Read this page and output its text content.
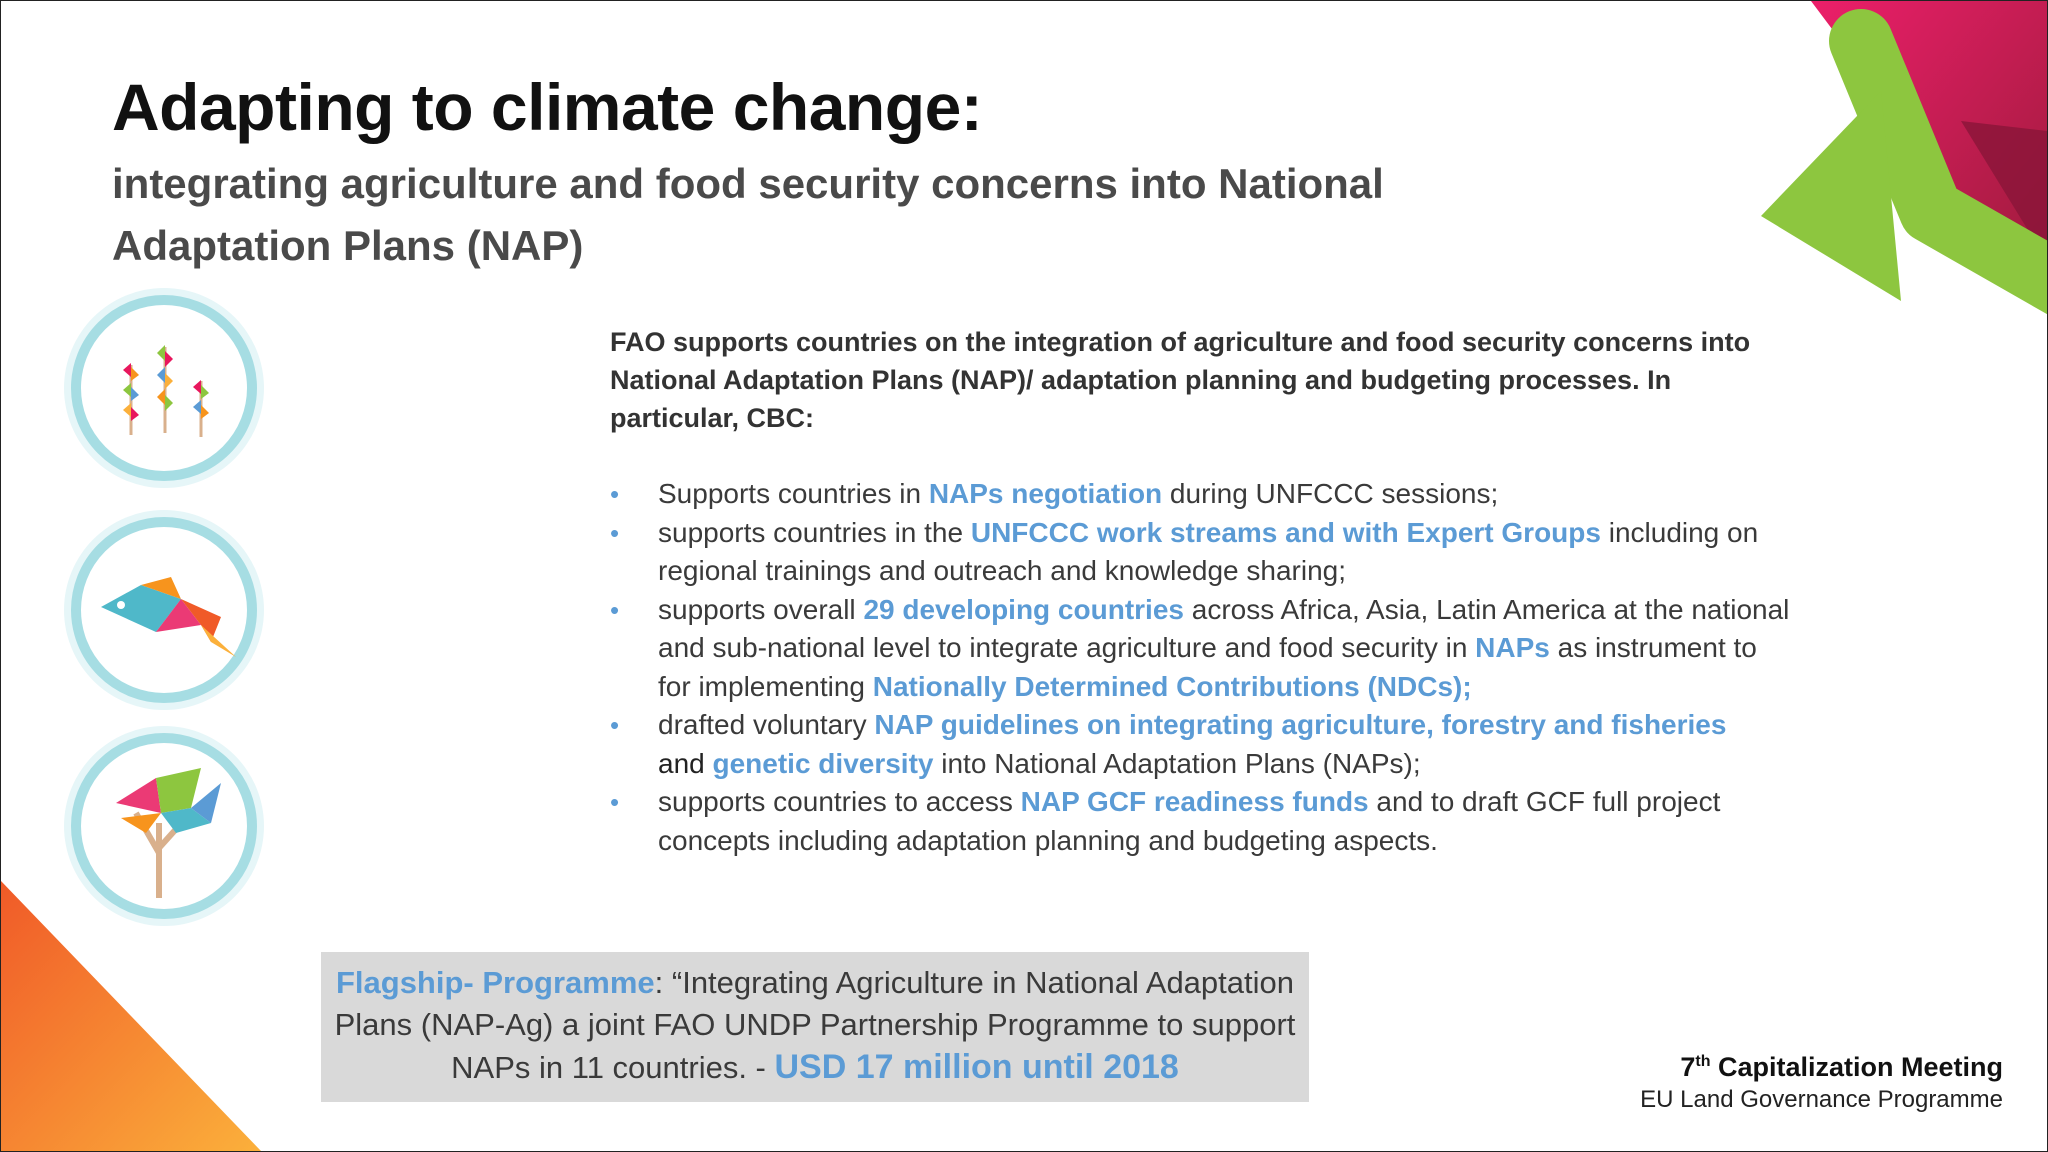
Adapting to climate change:
integrating agriculture and food security concerns into National Adaptation Plans (NAP)

FAO supports countries on the integration of agriculture and food security concerns into National Adaptation Plans (NAP)/ adaptation planning and budgeting processes. In particular, CBC:

• Supports countries in NAPs negotiation during UNFCCC sessions;
• supports countries in the UNFCCC work streams and with Expert Groups including on regional trainings and outreach and knowledge sharing;
• supports overall 29 developing countries across Africa, Asia, Latin America at the national and sub-national level to integrate agriculture and food security in NAPs as instrument to for implementing Nationally Determined Contributions (NDCs);
• drafted voluntary NAP guidelines on integrating agriculture, forestry and fisheries
and genetic diversity into National Adaptation Plans (NAPs);
• supports countries to access NAP GCF readiness funds and to draft GCF full project concepts including adaptation planning and budgeting aspects.
Flagship- Programme: “Integrating Agriculture in National Adaptation Plans (NAP-Ag) a joint FAO UNDP Partnership Programme to support NAPs in 11 countries. - USD 17 million until 2018	7th Capitalization Meeting
EU Land Governance Programme
